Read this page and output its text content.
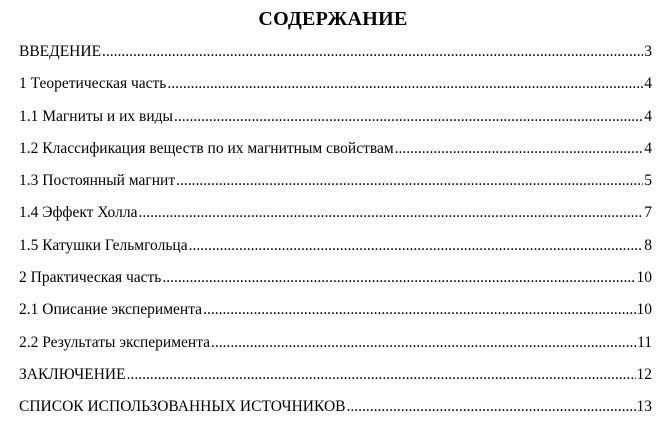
СОДЕРЖАНИЕ
ВВЕДЕНИЕ .....	3
1 Теоретическая часть .....	4
1.1 Магниты и их виды .....	4
1.2 Классификация веществ по их магнитным свойствам .....	4
1.3 Постоянный магнит .....	5
1.4 Эффект Холла .....	7
1.5 Катушки Гельмгольца .....	8
2 Практическая часть .....	10
2.1 Описание эксперимента .....	10
2.2 Результаты эксперимента .....	11
ЗАКЛЮЧЕНИЕ .....	12
СПИСОК ИСПОЛЬЗОВАННЫХ ИСТОЧНИКОВ .....	13
